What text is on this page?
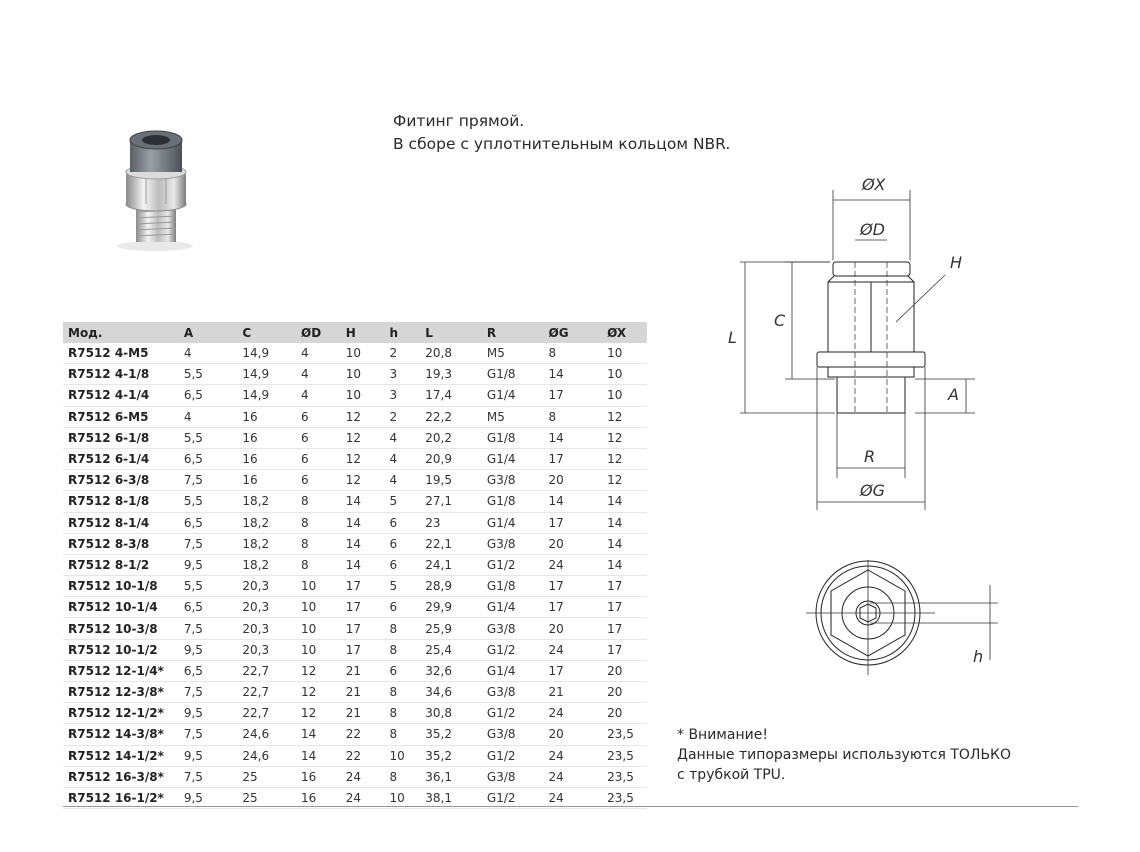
Фитинг прямой.
В сборе с уплотнительным кольцом NBR.
ØX
ØD
H
C
L
A
R
ØG
h
Мод.	A	C	ØD	H	h	L	R	ØG	ØX
R7512 4-M5	4	14,9	4	10	2	20,8	M5	8	10
R7512 4-1/8	5,5	14,9	4	10	3	19,3	G1/8	14	10
R7512 4-1/4	6,5	14,9	4	10	3	17,4	G1/4	17	10
R7512 6-M5	4	16	6	12	2	22,2	M5	8	12
R7512 6-1/8	5,5	16	6	12	4	20,2	G1/8	14	12
R7512 6-1/4	6,5	16	6	12	4	20,9	G1/4	17	12
R7512 6-3/8	7,5	16	6	12	4	19,5	G3/8	20	12
R7512 8-1/8	5,5	18,2	8	14	5	27,1	G1/8	14	14
R7512 8-1/4	6,5	18,2	8	14	6	23	G1/4	17	14
R7512 8-3/8	7,5	18,2	8	14	6	22,1	G3/8	20	14
R7512 8-1/2	9,5	18,2	8	14	6	24,1	G1/2	24	14
R7512 10-1/8	5,5	20,3	10	17	5	28,9	G1/8	17	17
R7512 10-1/4	6,5	20,3	10	17	6	29,9	G1/4	17	17
R7512 10-3/8	7,5	20,3	10	17	8	25,9	G3/8	20	17
R7512 10-1/2	9,5	20,3	10	17	8	25,4	G1/2	24	17
R7512 12-1/4*	6,5	22,7	12	21	6	32,6	G1/4	17	20
R7512 12-3/8*	7,5	22,7	12	21	8	34,6	G3/8	21	20
R7512 12-1/2*	9,5	22,7	12	21	8	30,8	G1/2	24	20
R7512 14-3/8*	7,5	24,6	14	22	8	35,2	G3/8	20	23,5
R7512 14-1/2*	9,5	24,6	14	22	10	35,2	G1/2	24	23,5
R7512 16-3/8*	7,5	25	16	24	8	36,1	G3/8	24	23,5
R7512 16-1/2*	9,5	25	16	24	10	38,1	G1/2	24	23,5
* Внимание!
Данные типоразмеры используются ТОЛЬКО
с трубкой TPU.
